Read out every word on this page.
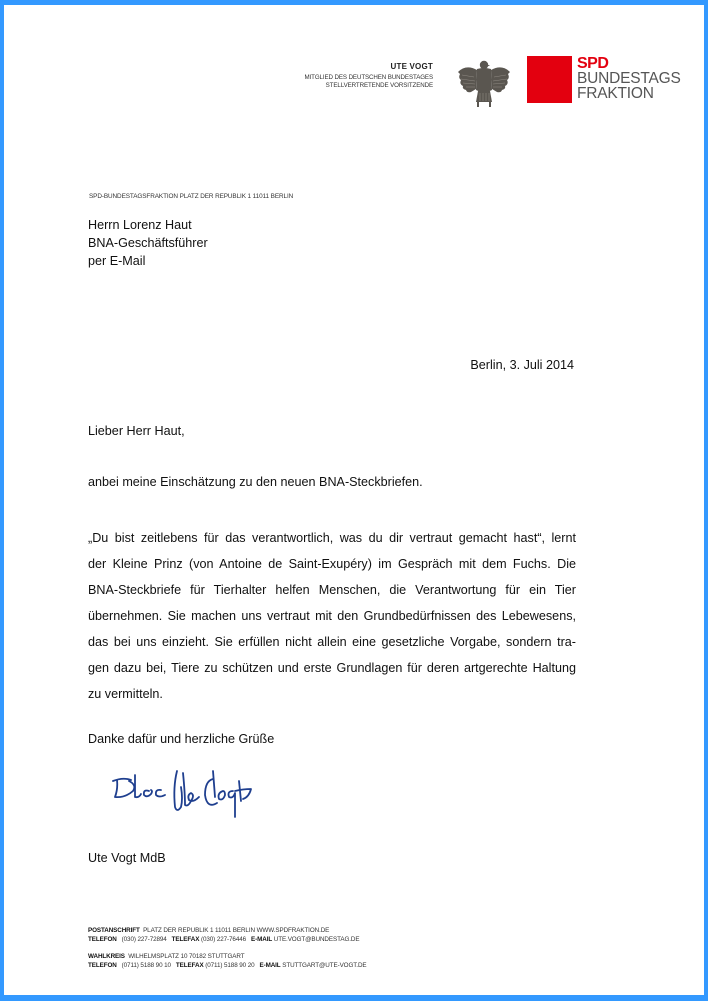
UTE VOGT
MITGLIED DES DEUTSCHEN BUNDESTAGES
STELLVERTRETENDE VORSITZENDE
SPD
BUNDESTAGS
FRAKTION
SPD-BUNDESTAGSFRAKTION PLATZ DER REPUBLIK 1 11011 BERLIN
Herrn Lorenz Haut
BNA-Geschäftsführer
per E-Mail
Berlin, 3. Juli 2014
Lieber Herr Haut,
anbei meine Einschätzung zu den neuen BNA-Steckbriefen.
„Du bist zeitlebens für das verantwortlich, was du dir vertraut gemacht hast“, lernt
der Kleine Prinz (von Antoine de Saint-Exupéry) im Gespräch mit dem Fuchs. Die
BNA-Steckbriefe für Tierhalter helfen Menschen, die Verantwortung für ein Tier
übernehmen. Sie machen uns vertraut mit den Grundbedürfnissen des Lebewesens,
das bei uns einzieht. Sie erfüllen nicht allein eine gesetzliche Vorgabe, sondern tra-
gen dazu bei, Tiere zu schützen und erste Grundlagen für deren artgerechte Haltung
zu vermitteln.
Danke dafür und herzliche Grüße
Ute Vogt MdB
POSTANSCHRIFT PLATZ DER REPUBLIK 1 11011 BERLIN WWW.SPDFRAKTION.DE
TELEFON (030) 227-72894 TELEFAX (030) 227-76446 E-MAIL UTE.VOGT@BUNDESTAG.DE
WAHLKREIS WILHELMSPLATZ 10 70182 STUTTGART
TELEFON (0711) 5188 90 10 TELEFAX (0711) 5188 90 20 E-MAIL STUTTGART@UTE-VOGT.DE
